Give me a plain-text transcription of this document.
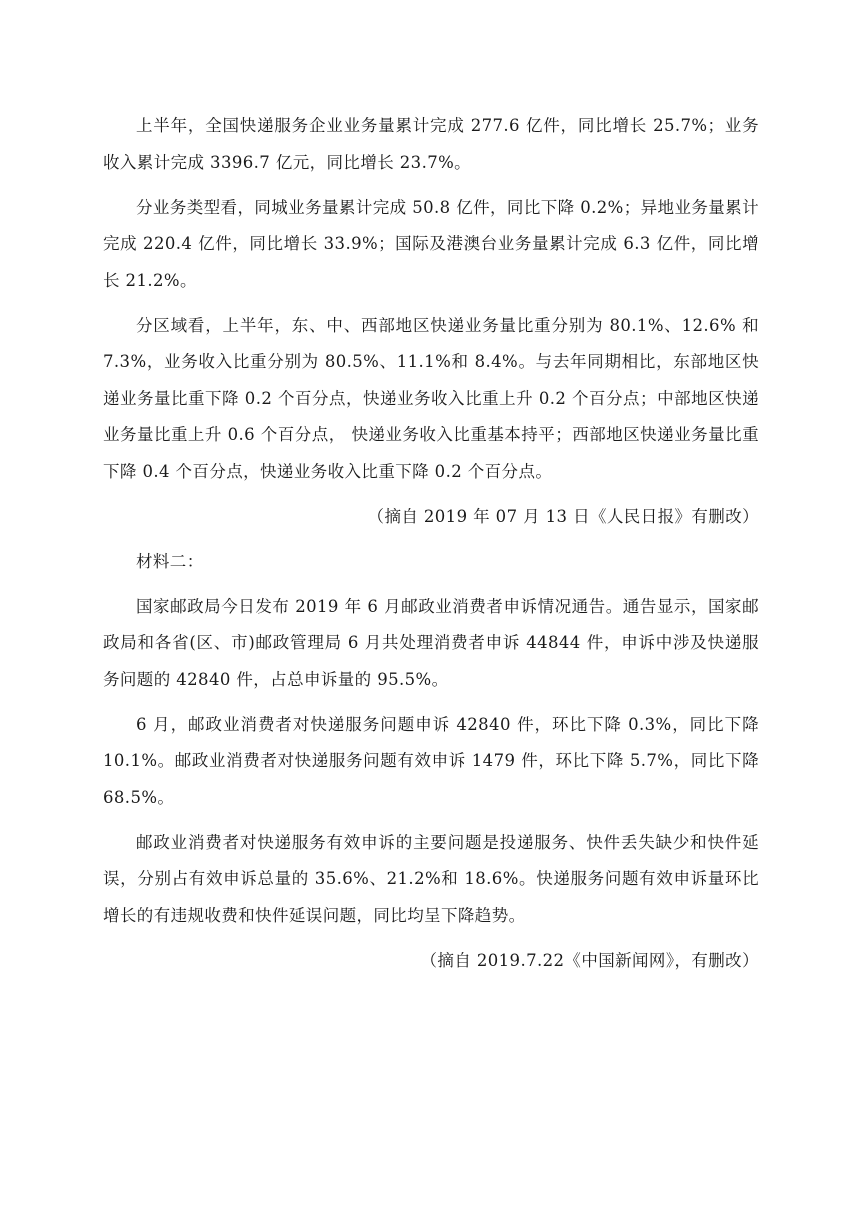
上半年，全国快递服务企业业务量累计完成 277.6 亿件，同比增长 25.7%；业务收入累计完成 3396.7 亿元，同比增长 23.7%。

分业务类型看，同城业务量累计完成 50.8 亿件，同比下降 0.2%；异地业务量累计完成 220.4 亿件，同比增长 33.9%；国际及港澳台业务量累计完成 6.3 亿件，同比增长 21.2%。

分区域看，上半年，东、中、西部地区快递业务量比重分别为 80.1%、12.6% 和 7.3%，业务收入比重分别为 80.5%、11.1%和 8.4%。与去年同期相比，东部地区快递业务量比重下降 0.2 个百分点，快递业务收入比重上升 0.2 个百分点；中部地区快递业务量比重上升 0.6 个百分点， 快递业务收入比重基本持平；西部地区快递业务量比重下降 0.4 个百分点，快递业务收入比重下降 0.2 个百分点。

（摘自 2019 年 07 月 13 日《人民日报》有删改）

材料二：

国家邮政局今日发布 2019 年 6 月邮政业消费者申诉情况通告。通告显示，国家邮政局和各省(区、市)邮政管理局 6 月共处理消费者申诉 44844 件，申诉中涉及快递服务问题的 42840 件，占总申诉量的 95.5%。

6 月，邮政业消费者对快递服务问题申诉 42840 件，环比下降 0.3%，同比下降 10.1%。邮政业消费者对快递服务问题有效申诉 1479 件，环比下降 5.7%，同比下降 68.5%。

邮政业消费者对快递服务有效申诉的主要问题是投递服务、快件丢失缺少和快件延误，分别占有效申诉总量的 35.6%、21.2%和 18.6%。快递服务问题有效申诉量环比增长的有违规收费和快件延误问题，同比均呈下降趋势。

（摘自 2019.7.22《中国新闻网》，有删改）
